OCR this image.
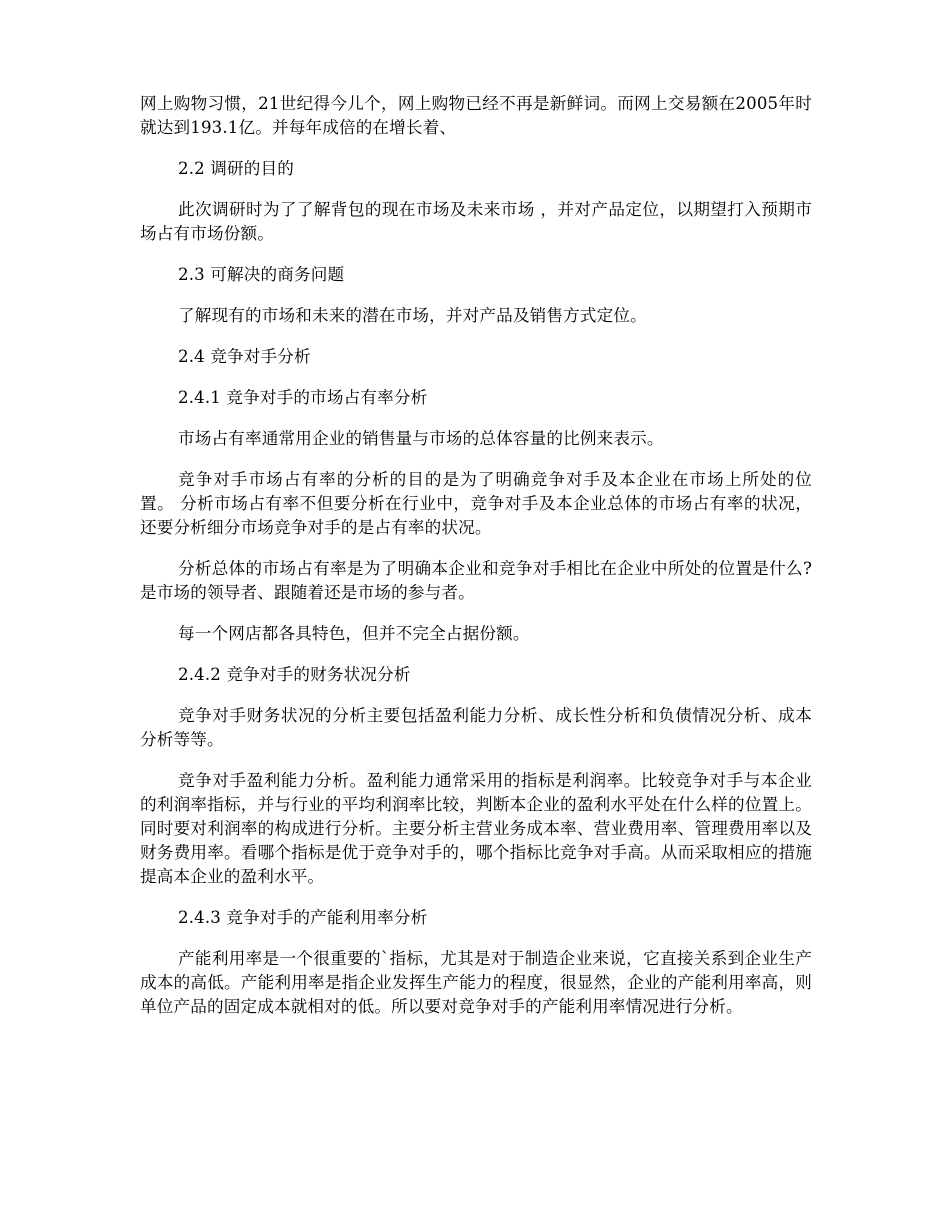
网上购物习惯，21世纪得今儿个，网上购物已经不再是新鲜词。而网上交易额在2005年时就达到193.1亿。并每年成倍的在增长着、

2.2 调研的目的

此次调研时为了了解背包的现在市场及未来市场 ，并对产品定位，以期望打入预期市场占有市场份额。

2.3 可解决的商务问题

了解现有的市场和未来的潜在市场，并对产品及销售方式定位。

2.4 竞争对手分析

2.4.1 竞争对手的市场占有率分析

市场占有率通常用企业的销售量与市场的总体容量的比例来表示。

竞争对手市场占有率的分析的目的是为了明确竞争对手及本企业在市场上所处的位置。 分析市场占有率不但要分析在行业中，竞争对手及本企业总体的市场占有率的状况，还要分析细分市场竞争对手的是占有率的状况。

分析总体的市场占有率是为了明确本企业和竞争对手相比在企业中所处的位置是什么?是市场的领导者、跟随着还是市场的参与者。

每一个网店都各具特色，但并不完全占据份额。

2.4.2 竞争对手的财务状况分析

竞争对手财务状况的分析主要包括盈利能力分析、成长性分析和负债情况分析、成本分析等等。

竞争对手盈利能力分析。盈利能力通常采用的指标是利润率。比较竞争对手与本企业的利润率指标，并与行业的平均利润率比较，判断本企业的盈利水平处在什么样的位置上。同时要对利润率的构成进行分析。主要分析主营业务成本率、营业费用率、管理费用率以及财务费用率。看哪个指标是优于竞争对手的，哪个指标比竞争对手高。从而采取相应的措施提高本企业的盈利水平。

2.4.3 竞争对手的产能利用率分析

产能利用率是一个很重要的`指标，尤其是对于制造企业来说，它直接关系到企业生产成本的高低。产能利用率是指企业发挥生产能力的程度，很显然，企业的产能利用率高，则单位产品的固定成本就相对的低。所以要对竞争对手的产能利用率情况进行分析。
